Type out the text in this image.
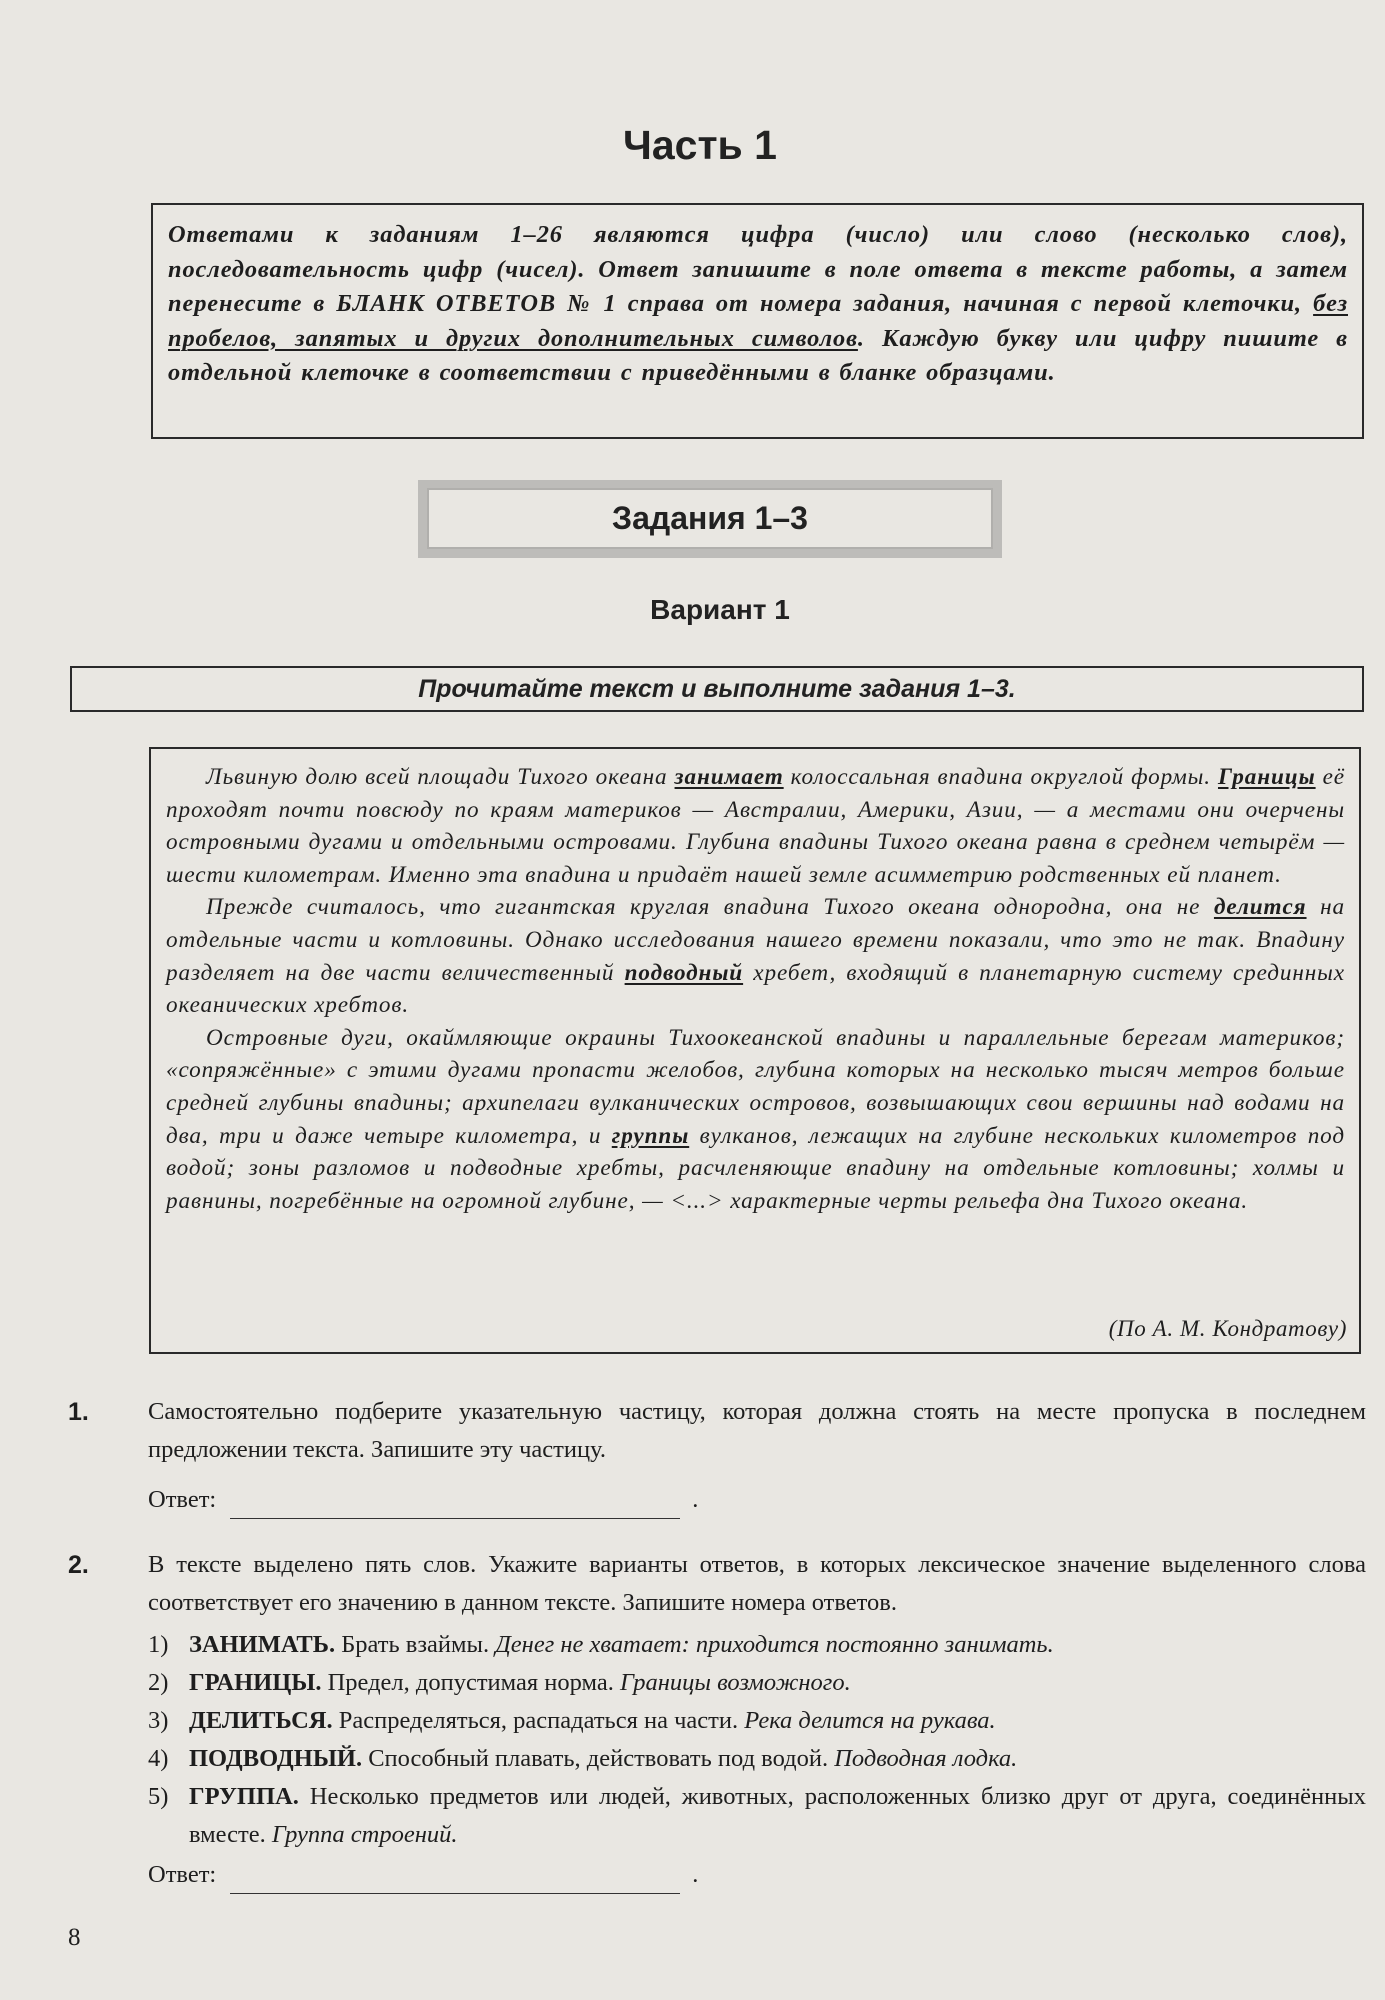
Часть 1

Ответами к заданиям 1–26 являются цифра (число) или слово (несколько слов), последовательность цифр (чисел). Ответ запишите в поле ответа в тексте работы, а затем перенесите в БЛАНК ОТВЕТОВ № 1 справа от номера задания, начиная с первой клеточки, без пробелов, запятых и других дополнительных символов. Каждую букву или цифру пишите в отдельной клеточке в соответствии с приведёнными в бланке образцами.

Задания 1–3
Вариант 1
Прочитайте текст и выполните задания 1–3.

Львиную долю всей площади Тихого океана занимает колоссальная впадина округлой формы. Границы её проходят почти повсюду по краям материков — Австралии, Америки, Азии, — а местами они очерчены островными дугами и отдельными островами. Глубина впадины Тихого океана равна в среднем четырём — шести километрам. Именно эта впадина и придаёт нашей земле асимметрию родственных ей планет.

Прежде считалось, что гигантская круглая впадина Тихого океана однородна, она не делится на отдельные части и котловины. Однако исследования нашего времени показали, что это не так. Впадину разделяет на две части величественный подводный хребет, входящий в планетарную систему срединных океанических хребтов.

Островные дуги, окаймляющие окраины Тихоокеанской впадины и параллельные берегам материков; «сопряжённые» с этими дугами пропасти желобов, глубина которых на несколько тысяч метров больше средней глубины впадины; архипелаги вулканических островов, возвышающих свои вершины над водами на два, три и даже четыре километра, и группы вулканов, лежащих на глубине нескольких километров под водой; зоны разломов и подводные хребты, расчленяющие впадину на отдельные котловины; холмы и равнины, погребённые на огромной глубине, — <...> характерные черты рельефа дна Тихого океана.

(По А. М. Кондратову)
1.	Самостоятельно подберите указательную частицу, которая должна стоять на месте пропуска в последнем предложении текста. Запишите эту частицу.

Ответ:	.
2.	В тексте выделено пять слов. Укажите варианты ответов, в которых лексическое значение выделенного слова соответствует его значению в данном тексте. Запишите номера ответов.

1) ЗАНИМАТЬ. Брать взаймы. Денег не хватает: приходится постоянно занимать.
2) ГРАНИЦЫ. Предел, допустимая норма. Границы возможного.
3) ДЕЛИТЬСЯ. Распределяться, распадаться на части. Река делится на рукава.
4) ПОДВОДНЫЙ. Способный плавать, действовать под водой. Подводная лодка.
5) ГРУППА. Несколько предметов или людей, животных, расположенных близко друг от друга, соединённых вместе. Группа строений.
Ответ:	.
8
